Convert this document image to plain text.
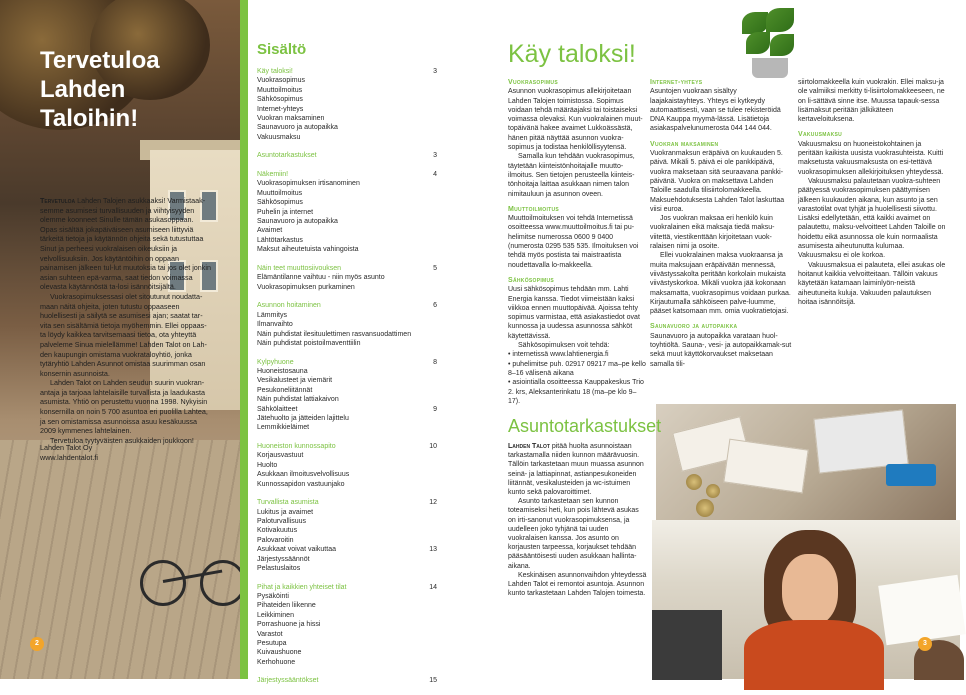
Tervetuloa
Lahden
Taloihin!

Tervetuloa Lahden Talojen asukkaaksi! Varmistaak-semme asumisesi turvallisuuden ja viihtyisyyden olemme koonneet Sinulle tämän asukasoppaan. Opas sisältää jokapäiväiseen asumiseen liittyviä tärkeitä tietoja ja käytännön ohjeita sekä tutustuttaa Sinut ja perheesi vuokralaisen oikeuksiin ja velvollisuuksiin. Jos käytäntöihin on oppaan painamisen jälkeen tul-lut muutoksia tai jos olet jonkin asian suhteen epä-varma, saat tiedon voimassa olevasta käytännöstä ta-losi isännöitsijältä.

Vuokrasopimuksessasi olet sitoutunut noudatta-maan näitä ohjeita, joten tutustu oppaaseen huolellisesti ja säilytä se asumisesi ajan; saatat tar-vita sen sisältämiä tietoja myöhemmin. Ellei oppaas-ta löydy kaikkea tarvitsemaasi tietoa, ota yhteyttä palveleme Sinua mielellämme! Lahden Talot on Lah-den kaupungin omistama vuokrataloyhtiö, jonka tytäryhtiö Lahden Asunnot omistaa suurimman osan konsernin asunnoista.

Lahden Talot on Lahden seudun suurin vuokran-antaja ja tarjoaa lahtelaisille turvallista ja laadukasta asumista. Yhtiö on perustettu vuonna 1998. Nykyisin konsernilla on noin 5 700 asuntoa eri puolilla Lahtea, ja sen omistamissa asunnoissa asuu kesäkuussa 2009 kymmenes lahtelainen.

Tervetuloa tyytyväisten asukkaiden joukkoon!

Lahden Talot Oy
www.lahdentalot.fi
2
Sisältö
Käy taloksi!	3
Vuokrasopimus
Muuttoilmoitus
Sähkösopimus
Internet-yhteys
Vuokran maksaminen
Saunavuoro ja autopaikka
Vakuusmaksu
Asuntotarkastukset	3
Näkemiin!	4
Vuokrasopimuksen irtisanominen
Muuttoilmoitus
Sähkösopimus
Puhelin ja internet
Saunavuoro ja autopaikka
Avaimet
Lähtötarkastus
Maksut aiheutetuista vahingoista
Näin teet muuttosiivouksen	5
Elämäntilanne vaihtuu - niin myös asunto
Vuokrasopimuksen purkaminen
Asunnon hoitaminen	6
Lämmitys
Ilmanvaihto
Näin puhdistat ilesituulettimen rasvansuodattimen
Näin puhdistat poistoilmaventtiilin
Kylpyhuone	8
Huoneistosauna
Vesikalusteet ja viemärit
Pesukoneliitännät
Näin puhdistat lattiakaivon
Sähkölaitteet	9
Jätehuolto ja jätteiden lajittelu
Lemmikkieläimet
Huoneiston kunnossapito	10
Korjausvastuut
Huolto
Asukkaan ilmoitusvelvollisuus
Kunnossapidon vastuunjako
Turvallista asumista	12
Lukitus ja avaimet
Paloturvallisuus
Kotivakuutus
Palovaroitin
Asukkaat voivat vaikuttaa	13
Järjestyssäännöt
Pelastuslaitos
Pihat ja kaikkien yhteiset tilat	14
Pysäköinti
Pihateiden liikenne
Leikkiminen
Porrashuone ja hissi
Varastot
Pesutupa
Kuivaushuone
Kerhohuone
Järjestyssääntökset	15
Käy taloksi!
Vuokrasopimus

Asunnon vuokrasopimus allekirjoitetaan Lahden Talojen toimistossa. Sopimus voidaan tehdä määräajaksi tai toistaiseksi voimassa olevaksi. Kun vuokralainen muut-topäivänä hakee avaimet Lukkoässästä, hänen pitää näyttää asunnon vuokra-sopimus ja todistaa henkilöllisyytensä.

Samalla kun tehdään vuokrasopimus, täytetään kiinteistönhoitajalle muutto-ilmoitus. Sen tietojen perusteella kiinteis-tönhoitaja laittaa asukkaan nimen talon nimitauluun ja asunnon oveen.

Muuttoilmoitus

Muuttoilmoituksen voi tehdä Internetissä osoitteessa www.muuttoilmoitus.fi tai pu-helimitse numerossa 0600 9 0400 (numerosta 0295 535 535. Ilmoituksen voi tehdä myös postista tai maistraatista noudettavalla lo-makkeella.

Sähkösopimus

Uusi sähkösopimus tehdään mm. Lahti Energia kanssa. Tiedot viimeistään kaksi viikkoa ennen muuttopäivää. Ajoissa tehty sopimus varmistaa, että asiakastiedot ovat kunnossa ja uudessa asunnossa sähköt käytettävissä.

Sähkösopimuksen voit tehdä:

• internetissä www.lahtienergia.fi

• puhelimitse puh. 02917 09217 ma–pe kello 8–16 välisenä aikana

• asiointialla osoitteessa Kauppakeskus Trio 2. krs, Aleksanterinkatu 18 (ma–pe klo 9–17).

Internet-yhteys

Asuntojen vuokraan sisältyy laajakaistayhteys. Yhteys ei kytkeydy automaattisesti, vaan se tulee rekisteröidä DNA Kauppa myymä-lässä. Lisätietoja asiakaspalvelunumerosta 044 144 044.

Vuokran maksaminen

Vuokranmaksun eräpäivä on kuukauden 5. päivä. Mikäli 5. päivä ei ole pankkipäivä, vuokra maksetaan sitä seuraavana pankki-päivänä. Vuokra on maksettava Lahden Taloille saadulla tilisiirtolomakkeella. Maksuehdotuksesta Lahden Talot laskuttaa viisi euroa.

Jos vuokran maksaa eri henkilö kuin vuokralainen eikä maksaja tiedä maksu-viitettä, viestikenttään kirjoitetaan vuok-ralaisen nimi ja osoite.

Ellei vuokralainen maksa vuokraansa ja muita maksujaan eräpäivään mennessä, viivästyssakolta peritään korkolain mukaista viivästyskorkoa. Mikäli vuokra jää kokonaan maksamatta, vuokrasopimus voidaan purkaa. Kirjautumalla sähköiseen palve-luumme, pääset katsomaan mm. omia vuokratietojasi.

Saunavuoro ja autopaikka

Saunavuoro ja autopaikka varataan huol-toyhtiöltä. Sauna-, vesi- ja autopaikkamak-sut sekä muut käyttökorvaukset maksetaan samalla tili-

siirtolomakkeella kuin vuokrakin. Ellei maksu-ja ole valmiiksi merkitty ti-lisiirtolomakkeeseen, ne on li-sättävä sinne itse. Muussa tapauk-sessa lisämaksut peritään jälkikäteen kertaveloituksena.

Vakuusmaksu

Vakuusmaksu on huoneistokohtainen ja peritään kaikista uusista vuokrasuhteista. Kuitti maksetusta vakuusmaksusta on esi-tettävä vuokrasopimuksen allekirjoituksen yhteydessä.

Vakuusmaksu palautetaan vuokra-suhteen päätyessä vuokrasopimuksen päättymisen jälkeen kuukauden aikana, kun asunto ja sen varastotilat ovat tyhjät ja huolellisesti siivottu. Lisäksi edellytetään, että kaikki avaimet on palautettu, maksu-velvoitteet Lahden Taloille on hoidettu eikä asunnossa ole kuin normaalista asumisesta aiheutunutta kulumaa. Vakuusmaksu ei ole korkoa.

Vakuusmaksua ei palauteta, ellei asukas ole hoitanut kaikkia velvoitteitaan. Tällöin vakuus käytetään katamaan laiminlyön-neistä aiheutuneita kuluja. Vakuuden palautuksen hoitaa isännöitsijä.

Asuntotarkastukset

Lahden Talot pitää huolta asunnoistaan tarkastamalla niiden kunnon määrävuosin. Tällöin tarkastetaan muun muassa asunnon seinä- ja lattiapinnat, astianpesukoneiden liitännät, vesikalusteiden ja wc-istuimen kunto sekä palovaroittimet.

Asunto tarkastetaan sen kunnon toteamiseksi heti, kun pois lähtevä asukas on irti-sanonut vuokrasopimuksensa, ja uudelleen joko tyhjänä tai uuden vuokralaisen kanssa. Jos asunto on korjausten tarpeessa, korjaukset tehdään pääsääntöisesti uuden asukkaan hallinta-aikana.

Keskinäisen asunnonvaihdon yhteydessä Lahden Talot ei remontoi asuntoja. Asunnon kunto tarkastetaan Lahden Talojen toimesta.

3
